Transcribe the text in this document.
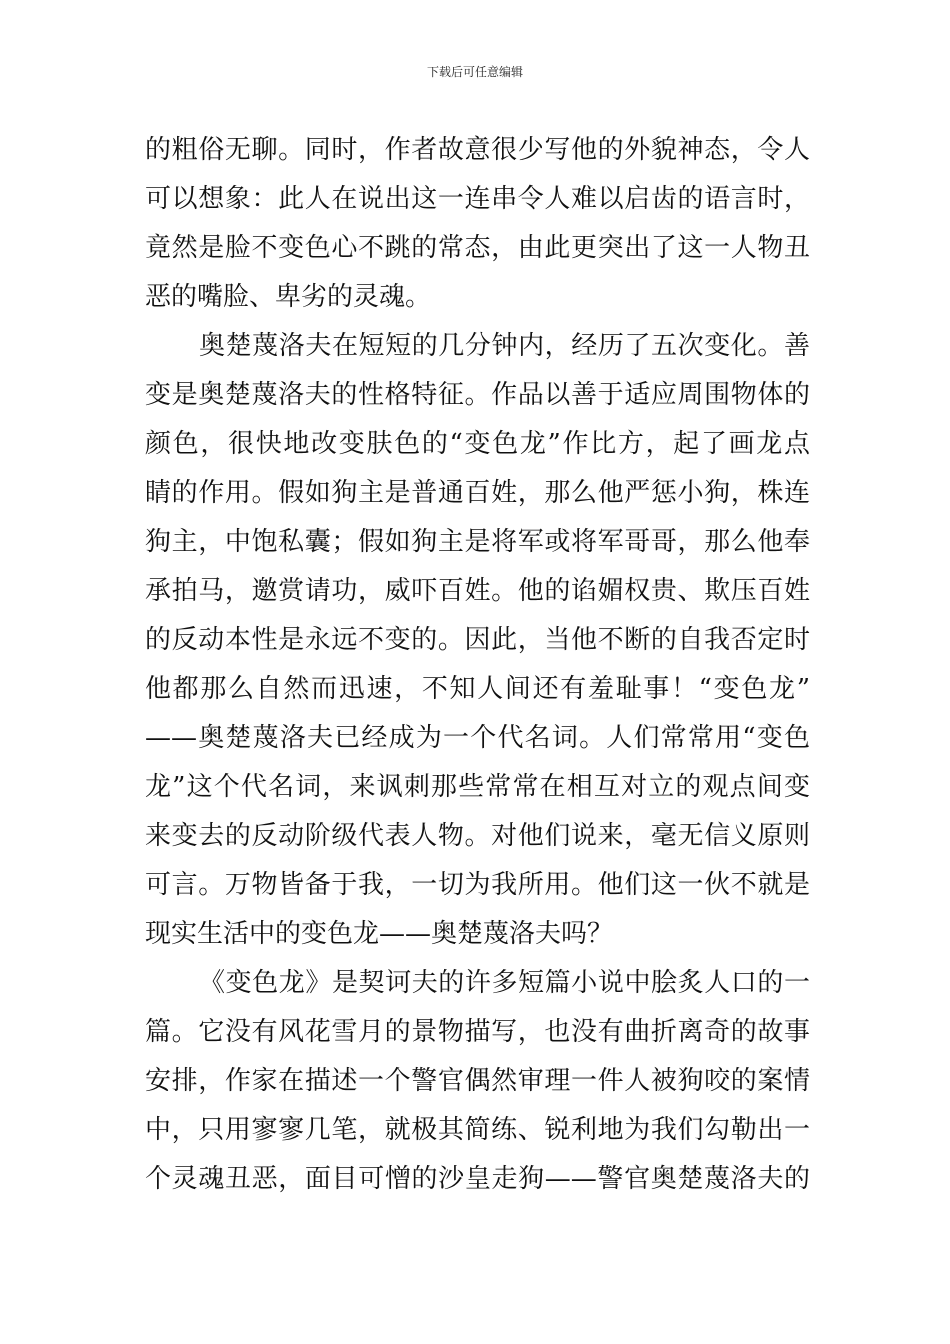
下载后可任意编辑
的粗俗无聊。同时，作者故意很少写他的外貌神态，令人
可以想象：此人在说出这一连串令人难以启齿的语言时，
竟然是脸不变色心不跳的常态，由此更突出了这一人物丑
恶的嘴脸、卑劣的灵魂。
奥楚蔑洛夫在短短的几分钟内，经历了五次变化。善
变是奥楚蔑洛夫的性格特征。作品以善于适应周围物体的
颜色，很快地改变肤色的“变色龙”作比方，起了画龙点
睛的作用。假如狗主是普通百姓，那么他严惩小狗，株连
狗主，中饱私囊；假如狗主是将军或将军哥哥，那么他奉
承拍马，邀赏请功，威吓百姓。他的谄媚权贵、欺压百姓
的反动本性是永远不变的。因此，当他不断的自我否定时
他都那么自然而迅速，不知人间还有羞耻事！“变色龙”
——奥楚蔑洛夫已经成为一个代名词。人们常常用“变色
龙”这个代名词，来讽刺那些常常在相互对立的观点间变
来变去的反动阶级代表人物。对他们说来，毫无信义原则
可言。万物皆备于我，一切为我所用。他们这一伙不就是
现实生活中的变色龙——奥楚蔑洛夫吗？
《变色龙》是契诃夫的许多短篇小说中脍炙人口的一
篇。它没有风花雪月的景物描写，也没有曲折离奇的故事
安排，作家在描述一个警官偶然审理一件人被狗咬的案情
中，只用寥寥几笔，就极其简练、锐利地为我们勾勒出一
个灵魂丑恶，面目可憎的沙皇走狗——警官奥楚蔑洛夫的
